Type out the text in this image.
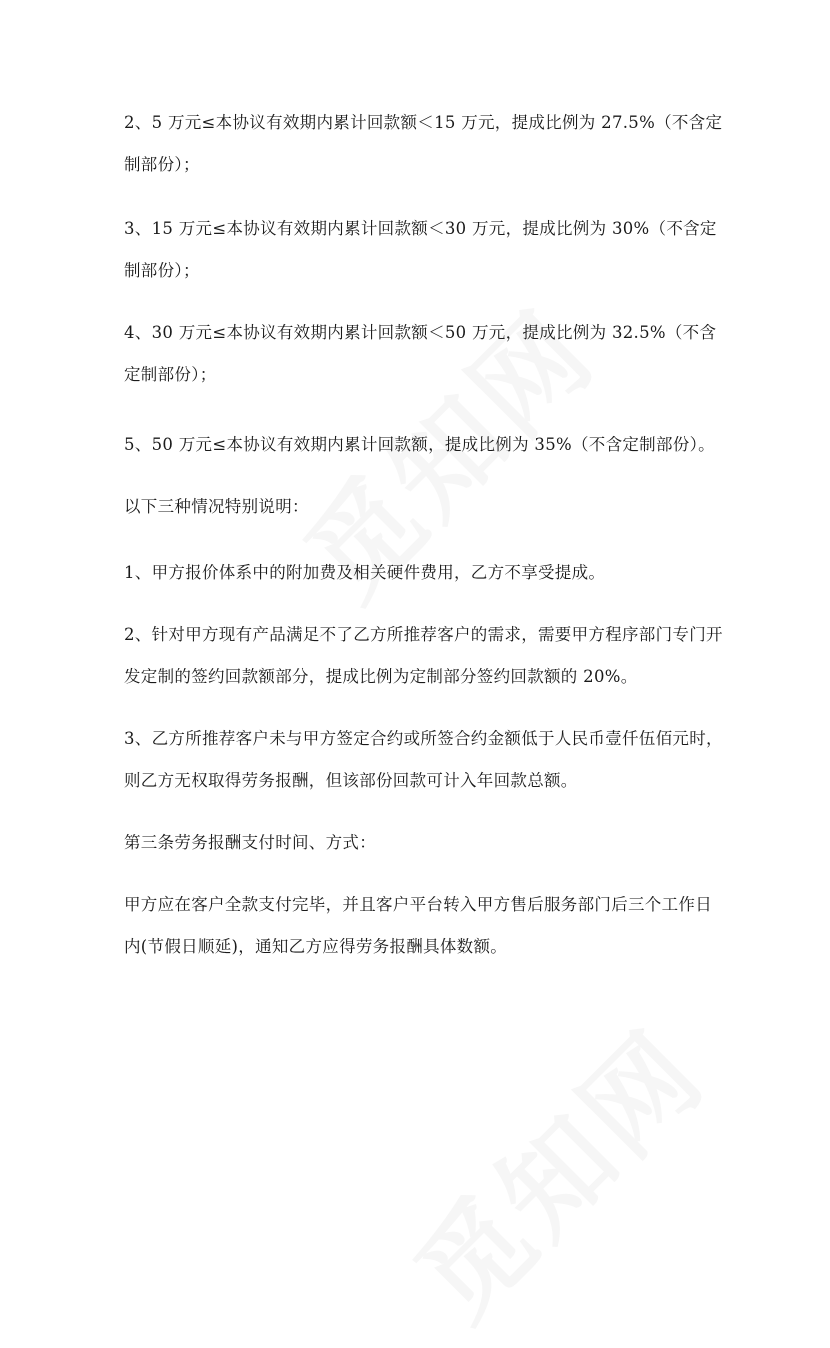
2、5 万元≤本协议有效期内累计回款额＜15 万元，提成比例为 27.5%（不含定制部份）；

3、15 万元≤本协议有效期内累计回款额＜30 万元，提成比例为 30%（不含定制部份）；

4、30 万元≤本协议有效期内累计回款额＜50 万元，提成比例为 32.5%（不含定制部份）；

5、50 万元≤本协议有效期内累计回款额，提成比例为 35%（不含定制部份）。

以下三种情况特别说明：

1、甲方报价体系中的附加费及相关硬件费用，乙方不享受提成。

2、针对甲方现有产品满足不了乙方所推荐客户的需求，需要甲方程序部门专门开发定制的签约回款额部分，提成比例为定制部分签约回款额的 20%。

3、乙方所推荐客户未与甲方签定合约或所签合约金额低于人民币壹仟伍佰元时，则乙方无权取得劳务报酬，但该部份回款可计入年回款总额。

第三条劳务报酬支付时间、方式：

甲方应在客户全款支付完毕，并且客户平台转入甲方售后服务部门后三个工作日内(节假日顺延)，通知乙方应得劳务报酬具体数额。
